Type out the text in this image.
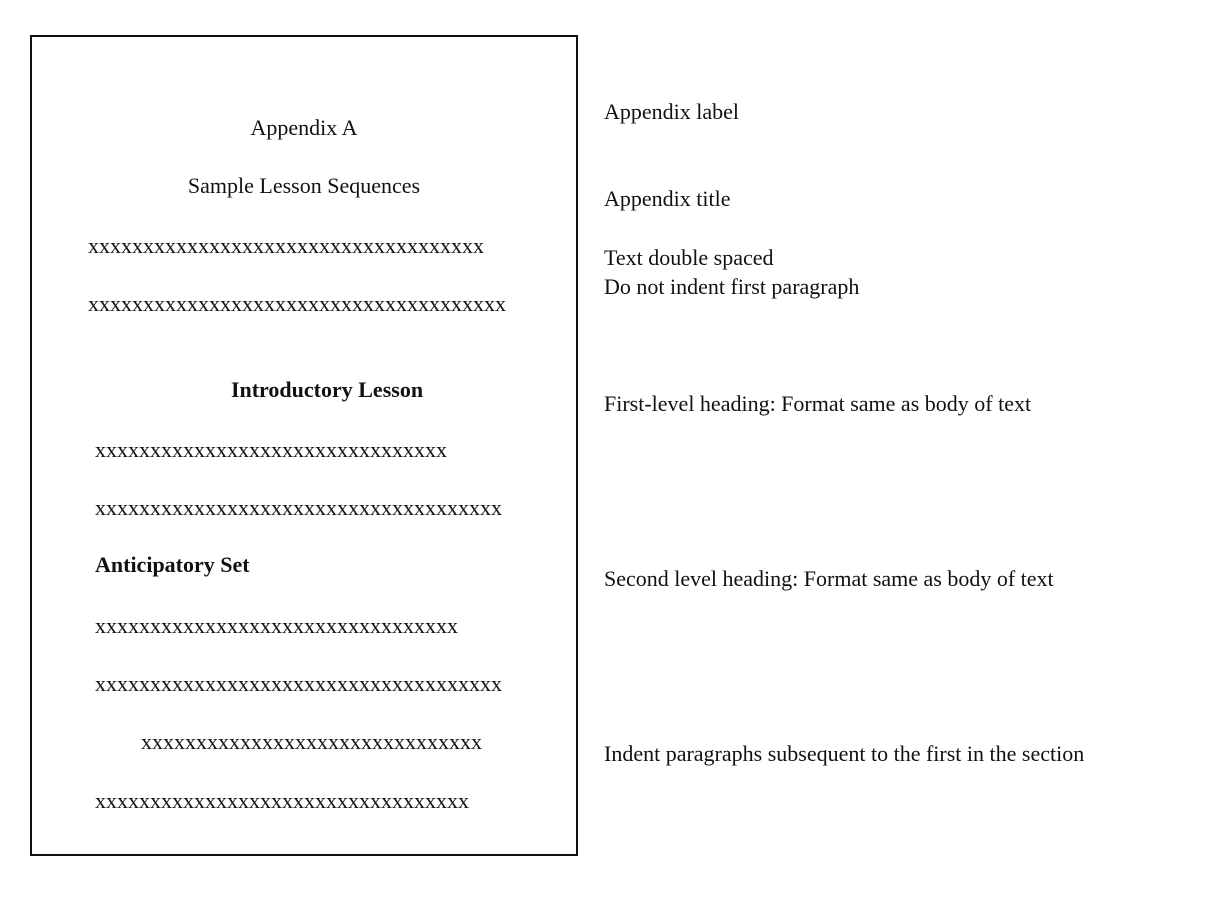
Appendix A
Sample Lesson Sequences
xxxxxxxxxxxxxxxxxxxxxxxxxxxxxxxxxxxx
xxxxxxxxxxxxxxxxxxxxxxxxxxxxxxxxxxxxxx
Introductory Lesson
xxxxxxxxxxxxxxxxxxxxxxxxxxxxxxxx
xxxxxxxxxxxxxxxxxxxxxxxxxxxxxxxxxxxxx
Anticipatory Set
xxxxxxxxxxxxxxxxxxxxxxxxxxxxxxxxx
xxxxxxxxxxxxxxxxxxxxxxxxxxxxxxxxxxxxx
xxxxxxxxxxxxxxxxxxxxxxxxxxxxxxx
xxxxxxxxxxxxxxxxxxxxxxxxxxxxxxxxxx
Appendix label
Appendix title
Text double spaced
Do not indent first paragraph
First-level heading: Format same as body of text
Second level heading: Format same as body of text
Indent paragraphs subsequent to the first in the section
